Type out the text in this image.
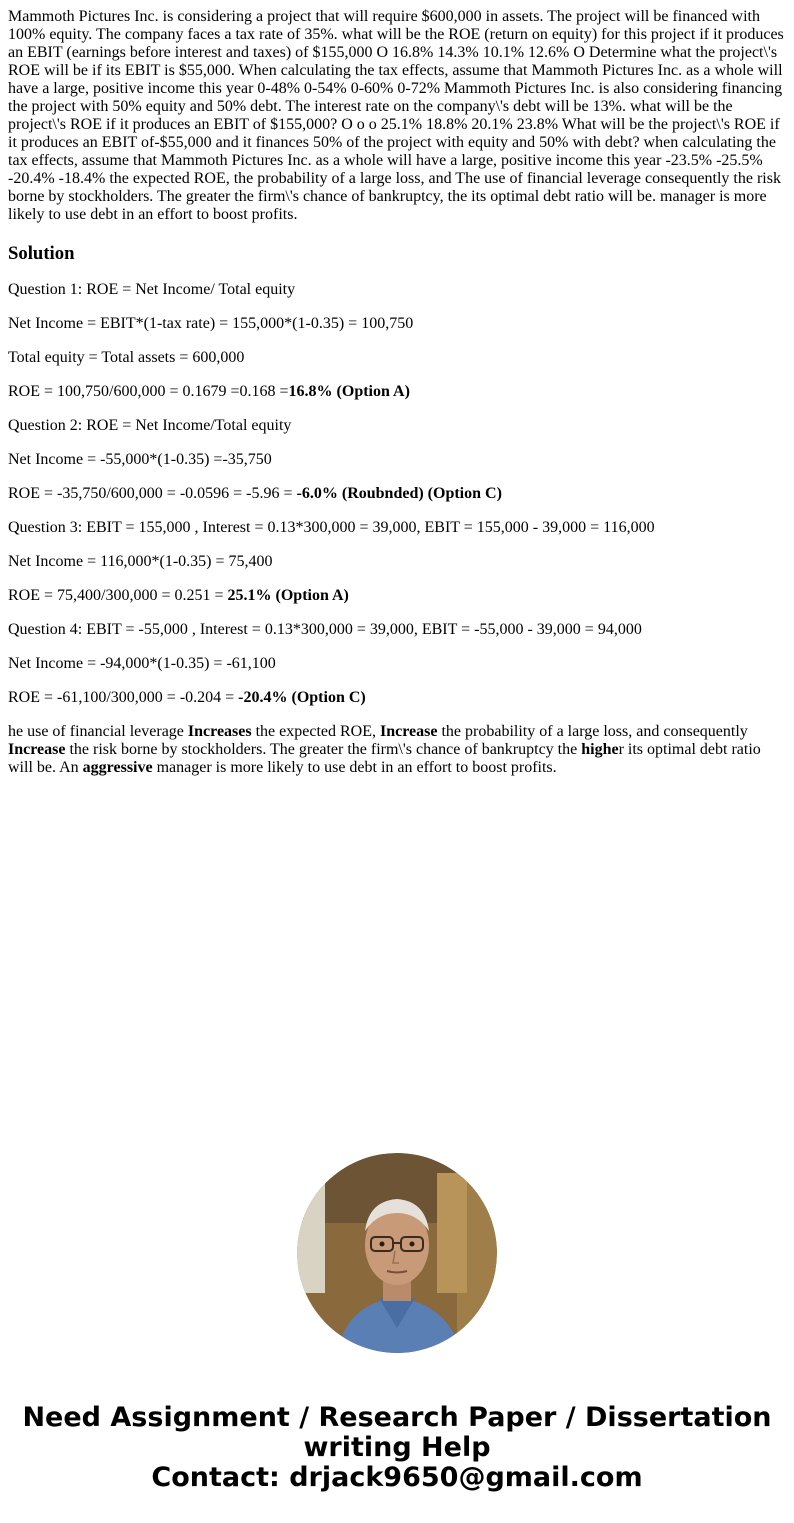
Mammoth Pictures Inc. is considering a project that will require $600,000 in assets. The project will be financed with 100% equity. The company faces a tax rate of 35%. what will be the ROE (return on equity) for this project if it produces an EBIT (earnings before interest and taxes) of $155,000 O 16.8% 14.3% 10.1% 12.6% O Determine what the project\'s ROE will be if its EBIT is $55,000. When calculating the tax effects, assume that Mammoth Pictures Inc. as a whole will have a large, positive income this year 0-48% 0-54% 0-60% 0-72% Mammoth Pictures Inc. is also considering financing the project with 50% equity and 50% debt. The interest rate on the company\'s debt will be 13%. what will be the project\'s ROE if it produces an EBIT of $155,000? O o o 25.1% 18.8% 20.1% 23.8% What will be the project\'s ROE if it produces an EBIT of-$55,000 and it finances 50% of the project with equity and 50% with debt? when calculating the tax effects, assume that Mammoth Pictures Inc. as a whole will have a large, positive income this year -23.5% -25.5% -20.4% -18.4% the expected ROE, the probability of a large loss, and The use of financial leverage consequently the risk borne by stockholders. The greater the firm\'s chance of bankruptcy, the its optimal debt ratio will be. manager is more likely to use debt in an effort to boost profits.

Solution

Question 1: ROE = Net Income/ Total equity

Net Income = EBIT*(1-tax rate) = 155,000*(1-0.35) = 100,750

Total equity = Total assets = 600,000

ROE = 100,750/600,000 = 0.1679 =0.168 =16.8% (Option A)

Question 2: ROE = Net Income/Total equity

Net Income = -55,000*(1-0.35) =-35,750

ROE = -35,750/600,000 = -0.0596 = -5.96 = -6.0% (Roubnded) (Option C)

Question 3: EBIT = 155,000 , Interest = 0.13*300,000 = 39,000, EBIT = 155,000 - 39,000 = 116,000

Net Income = 116,000*(1-0.35) = 75,400

ROE = 75,400/300,000 = 0.251 = 25.1% (Option A)

Question 4: EBIT = -55,000 , Interest = 0.13*300,000 = 39,000, EBIT = -55,000 - 39,000 = 94,000

Net Income = -94,000*(1-0.35) = -61,100

ROE = -61,100/300,000 = -0.204 = -20.4% (Option C)

he use of financial leverage Increases the expected ROE, Increase the probability of a large loss, and consequently Increase the risk borne by stockholders. The greater the firm\'s chance of bankruptcy the higher its optimal debt ratio will be. An aggressive manager is more likely to use debt in an effort to boost profits.

Need Assignment / Research Paper / Dissertation
writing Help
Contact: drjack9650@gmail.com
